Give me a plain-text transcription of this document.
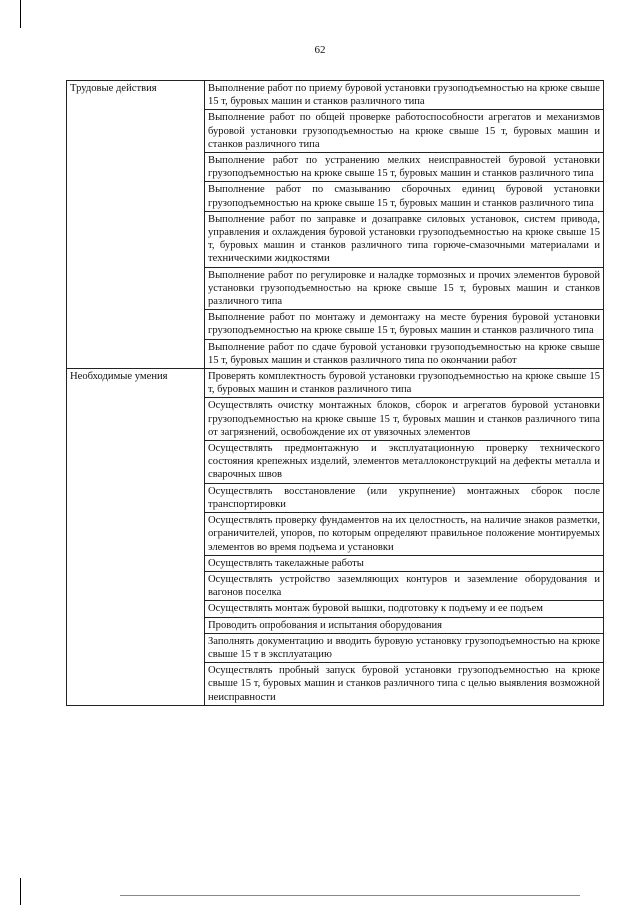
62
Трудовые действия	Выполнение работ по приему буровой установки грузоподъемностью на крюке свыше 15 т, буровых машин и станков различного типа
	Выполнение работ по общей проверке работоспособности агрегатов и механизмов буровой установки грузоподъемностью на крюке свыше 15 т, буровых машин и станков различного типа
	Выполнение работ по устранению мелких неисправностей буровой установки грузоподъемностью на крюке свыше 15 т, буровых машин и станков различного типа
	Выполнение работ по смазыванию сборочных единиц буровой установки грузоподъемностью на крюке свыше 15 т, буровых машин и станков различного типа
	Выполнение работ по заправке и дозаправке силовых установок, систем привода, управления и охлаждения буровой установки грузоподъемностью на крюке свыше 15 т, буровых машин и станков различного типа горюче-смазочными материалами и техническими жидкостями
	Выполнение работ по регулировке и наладке тормозных и прочих элементов буровой установки грузоподъемностью на крюке свыше 15 т, буровых машин и станков различного типа
	Выполнение работ по монтажу и демонтажу на месте бурения буровой установки грузоподъемностью на крюке свыше 15 т, буровых машин и станков различного типа
	Выполнение работ по сдаче буровой установки грузоподъемностью на крюке свыше 15 т, буровых машин и станков различного типа по окончании работ
Необходимые умения	Проверять комплектность буровой установки грузоподъемностью на крюке свыше 15 т, буровых машин и станков различного типа
	Осуществлять очистку монтажных блоков, сборок и агрегатов буровой установки грузоподъемностью на крюке свыше 15 т, буровых машин и станков различного типа от загрязнений, освобождение их от увязочных элементов
	Осуществлять предмонтажную и эксплуатационную проверку технического состояния крепежных изделий, элементов металлоконструкций на дефекты металла и сварочных швов
	Осуществлять восстановление (или укрупнение) монтажных сборок после транспортировки
	Осуществлять проверку фундаментов на их целостность, на наличие знаков разметки, ограничителей, упоров, по которым определяют правильное положение монтируемых элементов во время подъема и установки
	Осуществлять такелажные работы
	Осуществлять устройство заземляющих контуров и заземление оборудования и вагонов поселка
	Осуществлять монтаж буровой вышки, подготовку к подъему и ее подъем
	Проводить опробования и испытания оборудования
	Заполнять документацию и вводить буровую установку грузоподъемностью на крюке свыше 15 т в эксплуатацию
	Осуществлять пробный запуск буровой установки грузоподъемностью на крюке свыше 15 т, буровых машин и станков различного типа с целью выявления возможной неисправности
